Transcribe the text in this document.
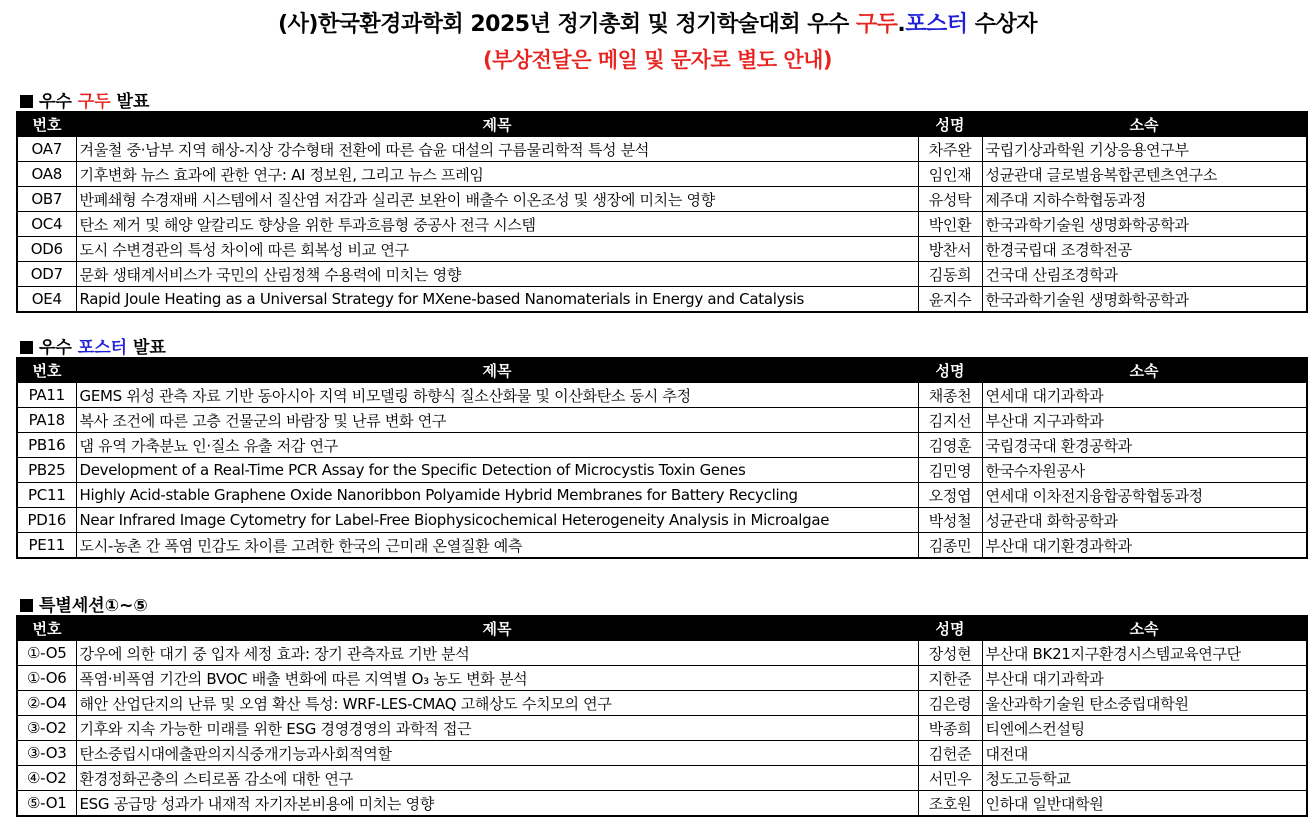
(사)한국환경과학회 2025년 정기총회 및 정기학술대회 우수 구두.포스터 수상자
(부상전달은 메일 및 문자로 별도 안내)
우수 구두 발표
번호	제목	성명	소속
OA7	겨울철 중·남부 지역 해상-지상 강수형태 전환에 따른 습윤 대설의 구름물리학적 특성 분석	차주완	국립기상과학원 기상응용연구부
OA8	기후변화 뉴스 효과에 관한 연구: AI 정보원, 그리고 뉴스 프레임	임인재	성균관대 글로벌융복합콘텐츠연구소
OB7	반폐쇄형 수경재배 시스템에서 질산염 저감과 실리콘 보완이 배출수 이온조성 및 생장에 미치는 영향	유성탁	제주대 지하수학협동과정
OC4	탄소 제거 및 해양 알칼리도 향상을 위한 투과흐름형 중공사 전극 시스템	박인환	한국과학기술원 생명화학공학과
OD6	도시 수변경관의 특성 차이에 따른 회복성 비교 연구	방찬서	한경국립대 조경학전공
OD7	문화 생태계서비스가 국민의 산림정책 수용력에 미치는 영향	김동희	건국대 산림조경학과
OE4	Rapid Joule Heating as a Universal Strategy for MXene-based Nanomaterials in Energy and Catalysis	윤지수	한국과학기술원 생명화학공학과
우수 포스터 발표
번호	제목	성명	소속
PA11	GEMS 위성 관측 자료 기반 동아시아 지역 비모델링 하향식 질소산화물 및 이산화탄소 동시 추정	채종천	연세대 대기과학과
PA18	복사 조건에 따른 고층 건물군의 바람장 및 난류 변화 연구	김지선	부산대 지구과학과
PB16	댐 유역 가축분뇨 인·질소 유출 저감 연구	김영훈	국립경국대 환경공학과
PB25	Development of a Real-Time PCR Assay for the Specific Detection of Microcystis Toxin Genes	김민영	한국수자원공사
PC11	Highly Acid-stable Graphene Oxide Nanoribbon Polyamide Hybrid Membranes for Battery Recycling	오정엽	연세대 이차전지융합공학협동과정
PD16	Near Infrared Image Cytometry for Label-Free Biophysicochemical Heterogeneity Analysis in Microalgae	박성철	성균관대 화학공학과
PE11	도시-농촌 간 폭염 민감도 차이를 고려한 한국의 근미래 온열질환 예측	김종민	부산대 대기환경과학과
특별세션①~⑤
번호	제목	성명	소속
①-O5	강우에 의한 대기 중 입자 세정 효과: 장기 관측자료 기반 분석	장성현	부산대 BK21지구환경시스템교육연구단
①-O6	폭염·비폭염 기간의 BVOC 배출 변화에 따른 지역별 O₃ 농도 변화 분석	지한준	부산대 대기과학과
②-O4	해안 산업단지의 난류 및 오염 확산 특성: WRF-LES-CMAQ 고해상도 수치모의 연구	김은령	울산과학기술원 탄소중립대학원
③-O2	기후와 지속 가능한 미래를 위한 ESG 경영경영의 과학적 접근	박종희	티엔에스컨설팅
③-O3	탄소중립시대에출판의지식중개기능과사회적역할	김헌준	대전대
④-O2	환경정화곤충의 스티로폼 감소에 대한 연구	서민우	청도고등학교
⑤-O1	ESG 공급망 성과가 내재적 자기자본비용에 미치는 영향	조호원	인하대 일반대학원
